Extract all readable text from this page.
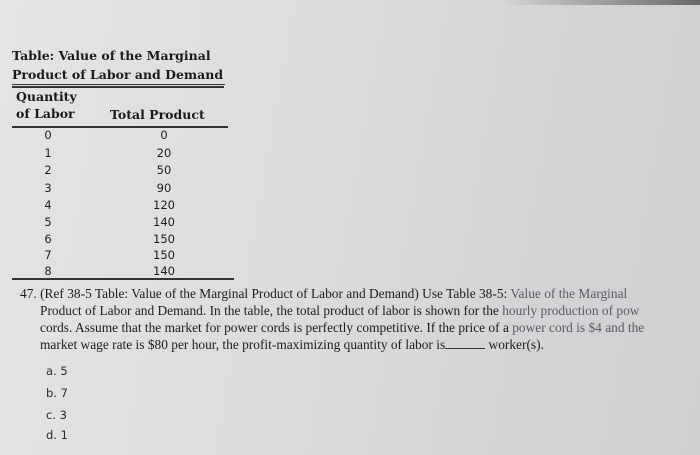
Table: Value of the Marginal
Product of Labor and Demand
Quantity
of Labor	Total Product
0	0
1	20
2	50
3	90
4	120
5	140
6	150
7	150
8	140
47. (Ref 38-5 Table: Value of the Marginal Product of Labor and Demand) Use Table 38-5: Value of the Marginal
Product of Labor and Demand. In the table, the total product of labor is shown for the hourly production of pow
cords. Assume that the market for power cords is perfectly competitive. If the price of a power cord is $4 and the
market wage rate is $80 per hour, the profit-maximizing quantity of labor is	worker(s).
a. 5
b. 7
c. 3
d. 1
